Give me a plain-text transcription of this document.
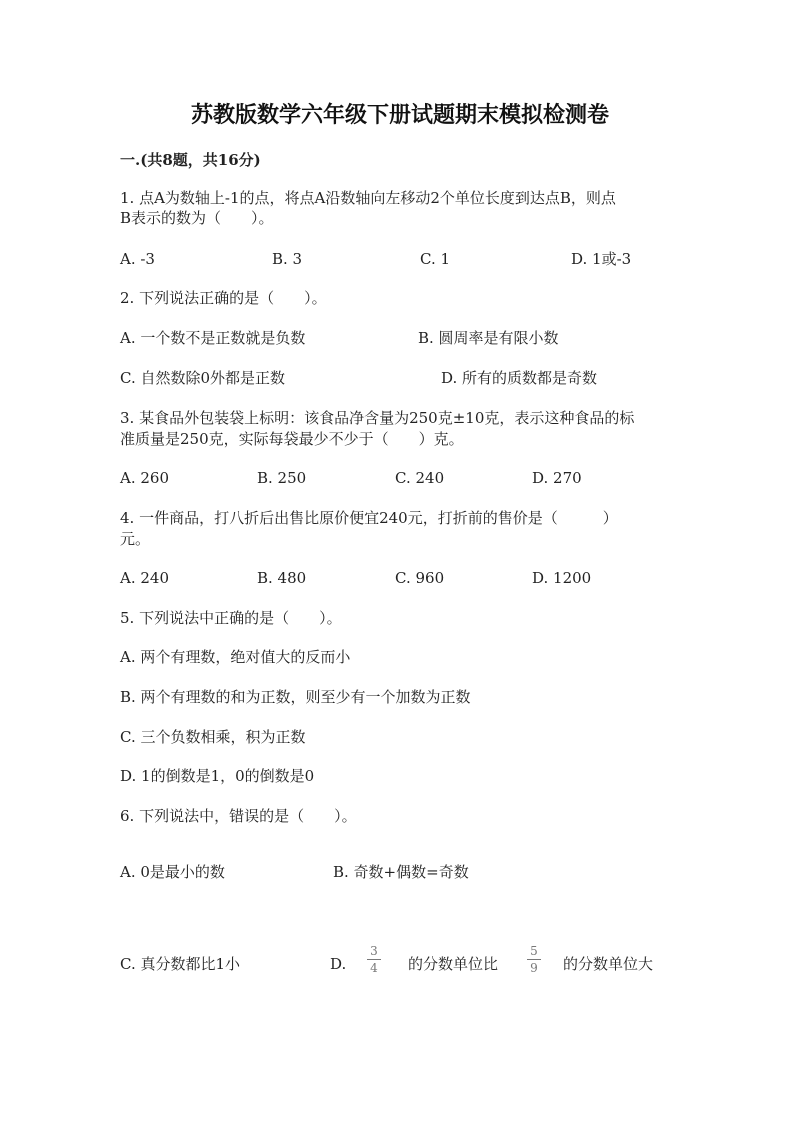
苏教版数学六年级下册试题期末模拟检测卷
一.(共8题，共16分)
1. 点A为数轴上-1的点，将点A沿数轴向左移动2个单位长度到达点B，则点
B表示的数为（　　）。
A. -3	B. 3	C. 1	D. 1或-3
2. 下列说法正确的是（　　）。
A. 一个数不是正数就是负数	B. 圆周率是有限小数
C. 自然数除0外都是正数	D. 所有的质数都是奇数
3. 某食品外包装袋上标明：该食品净含量为250克±10克，表示这种食品的标
准质量是250克，实际每袋最少不少于（　　）克。
A. 260	B. 250	C. 240	D. 270
4. 一件商品，打八折后出售比原价便宜240元，打折前的售价是（　　　）
元。
A. 240	B. 480	C. 960	D. 1200
5. 下列说法中正确的是（　　）。
A. 两个有理数，绝对值大的反而小
B. 两个有理数的和为正数，则至少有一个加数为正数
C. 三个负数相乘，积为正数
D. 1的倒数是1，0的倒数是0
6. 下列说法中，错误的是（　　）。
A. 0是最小的数	B. 奇数+偶数=奇数
C. 真分数都比1小	D.
3
4	的分数单位比
5
9	的分数单位大
